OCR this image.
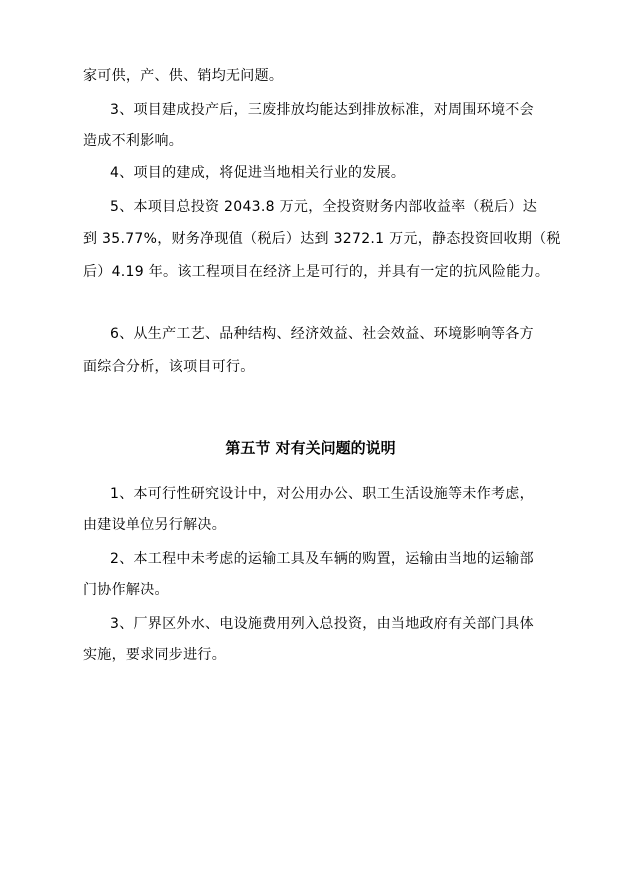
家可供，产、供、销均无问题。
3、项目建成投产后，三废排放均能达到排放标准，对周围环境不会
造成不利影响。
4、项目的建成，将促进当地相关行业的发展。
5、本项目总投资 2043.8 万元，全投资财务内部收益率（税后）达
到 35.77%，财务净现值（税后）达到 3272.1 万元，静态投资回收期（税
后）4.19 年。该工程项目在经济上是可行的，并具有一定的抗风险能力。
6、从生产工艺、品种结构、经济效益、社会效益、环境影响等各方
面综合分析，该项目可行。
第五节 对有关问题的说明
1、本可行性研究设计中，对公用办公、职工生活设施等未作考虑，
由建设单位另行解决。
2、本工程中未考虑的运输工具及车辆的购置，运输由当地的运输部
门协作解决。
3、厂界区外水、电设施费用列入总投资，由当地政府有关部门具体
实施，要求同步进行。
